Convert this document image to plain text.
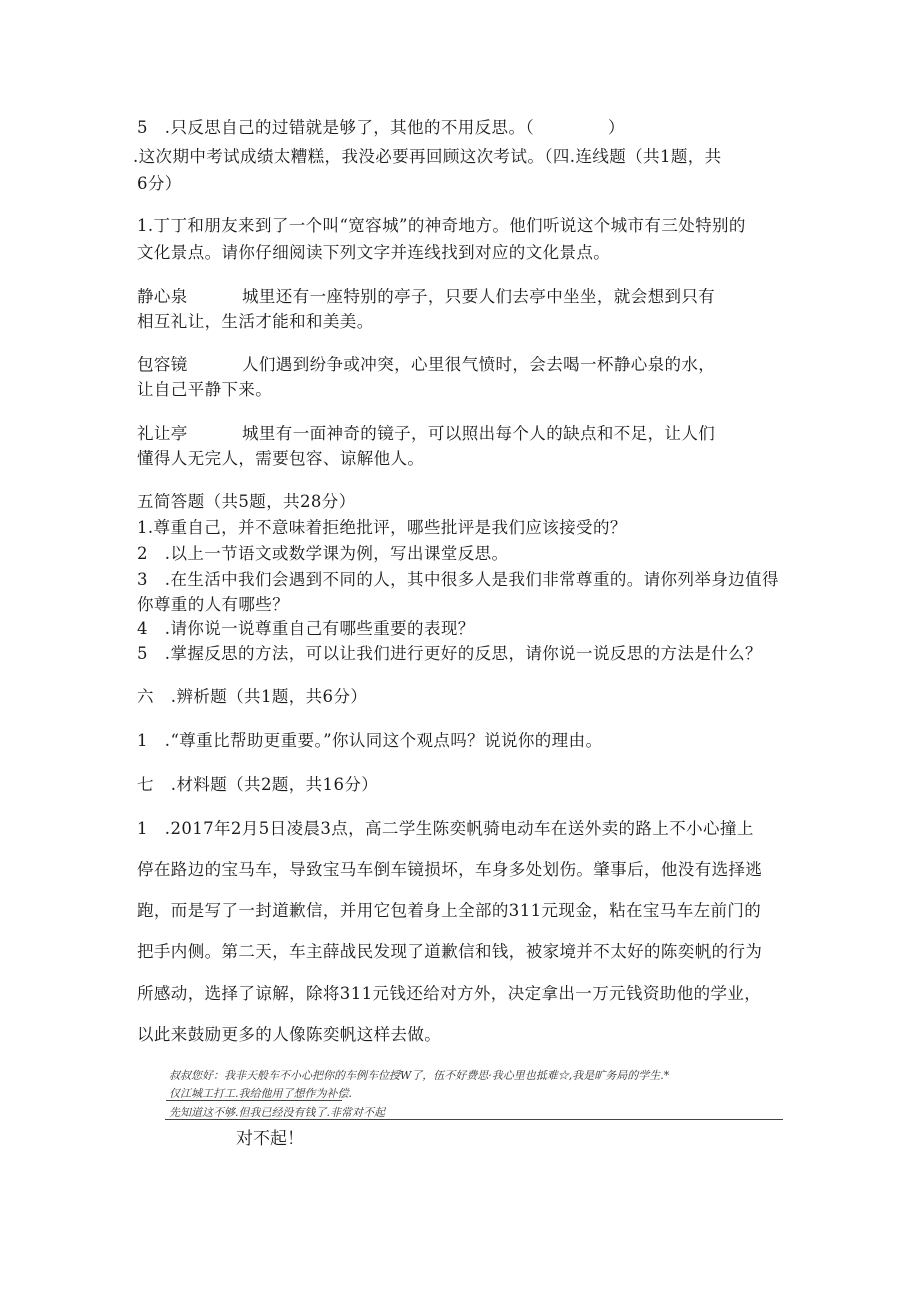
5　.只反思自己的过错就是够了，其他的不用反思。（	）
.这次期中考试成绩太糟糕，我没必要再回顾这次考试。（四.连线题（共1题，共
6分）
1.丁丁和朋友来到了一个叫“宽容城”的神奇地方。他们听说这个城市有三处特别的
文化景点。请你仔细阅读下列文字并连线找到对应的文化景点。
静心泉	城里还有一座特别的亭子，只要人们去亭中坐坐，就会想到只有
相互礼让，生活才能和和美美。
包容镜	人们遇到纷争或冲突，心里很气愤时，会去喝一杯静心泉的水，
让自己平静下来。
礼让亭	城里有一面神奇的镜子，可以照出每个人的缺点和不足，让人们
懂得人无完人，需要包容、谅解他人。
五简答题（共5题，共28分）
1.尊重自己，并不意味着拒绝批评，哪些批评是我们应该接受的？
2　.以上一节语文或数学课为例，写出课堂反思。
3　.在生活中我们会遇到不同的人，其中很多人是我们非常尊重的。请你列举身边值得
你尊重的人有哪些？
4　.请你说一说尊重自己有哪些重要的表现？
5　.掌握反思的方法，可以让我们进行更好的反思，请你说一说反思的方法是什么？
六　.辨析题（共1题，共6分）
1　.“尊重比帮助更重要。”你认同这个观点吗？说说你的理由。
七　.材料题（共2题，共16分）
1　.2017年2月5日凌晨3点，高二学生陈奕帆骑电动车在送外卖的路上不小心撞上
停在路边的宝马车，导致宝马车倒车镜损坏，车身多处划伤。肇事后，他没有选择逃
跑，而是写了一封道歉信，并用它包着身上全部的311元现金，粘在宝马车左前门的
把手内侧。第二天，车主薛战民发现了道歉信和钱，被家境并不太好的陈奕帆的行为
所感动，选择了谅解，除将311元钱还给对方外，决定拿出一万元钱资助他的学业，
以此来鼓励更多的人像陈奕帆这样去做。
叔叔您好：我非天般车不小心把你的车例车位授W了，伍不好费思·我心里也抵难☆,我是旷务局的学生.*
仅江城工打工.我给他用了想作为补偿.
先知道这不够.但我已经没有钱了.非常对不起
对不起！
